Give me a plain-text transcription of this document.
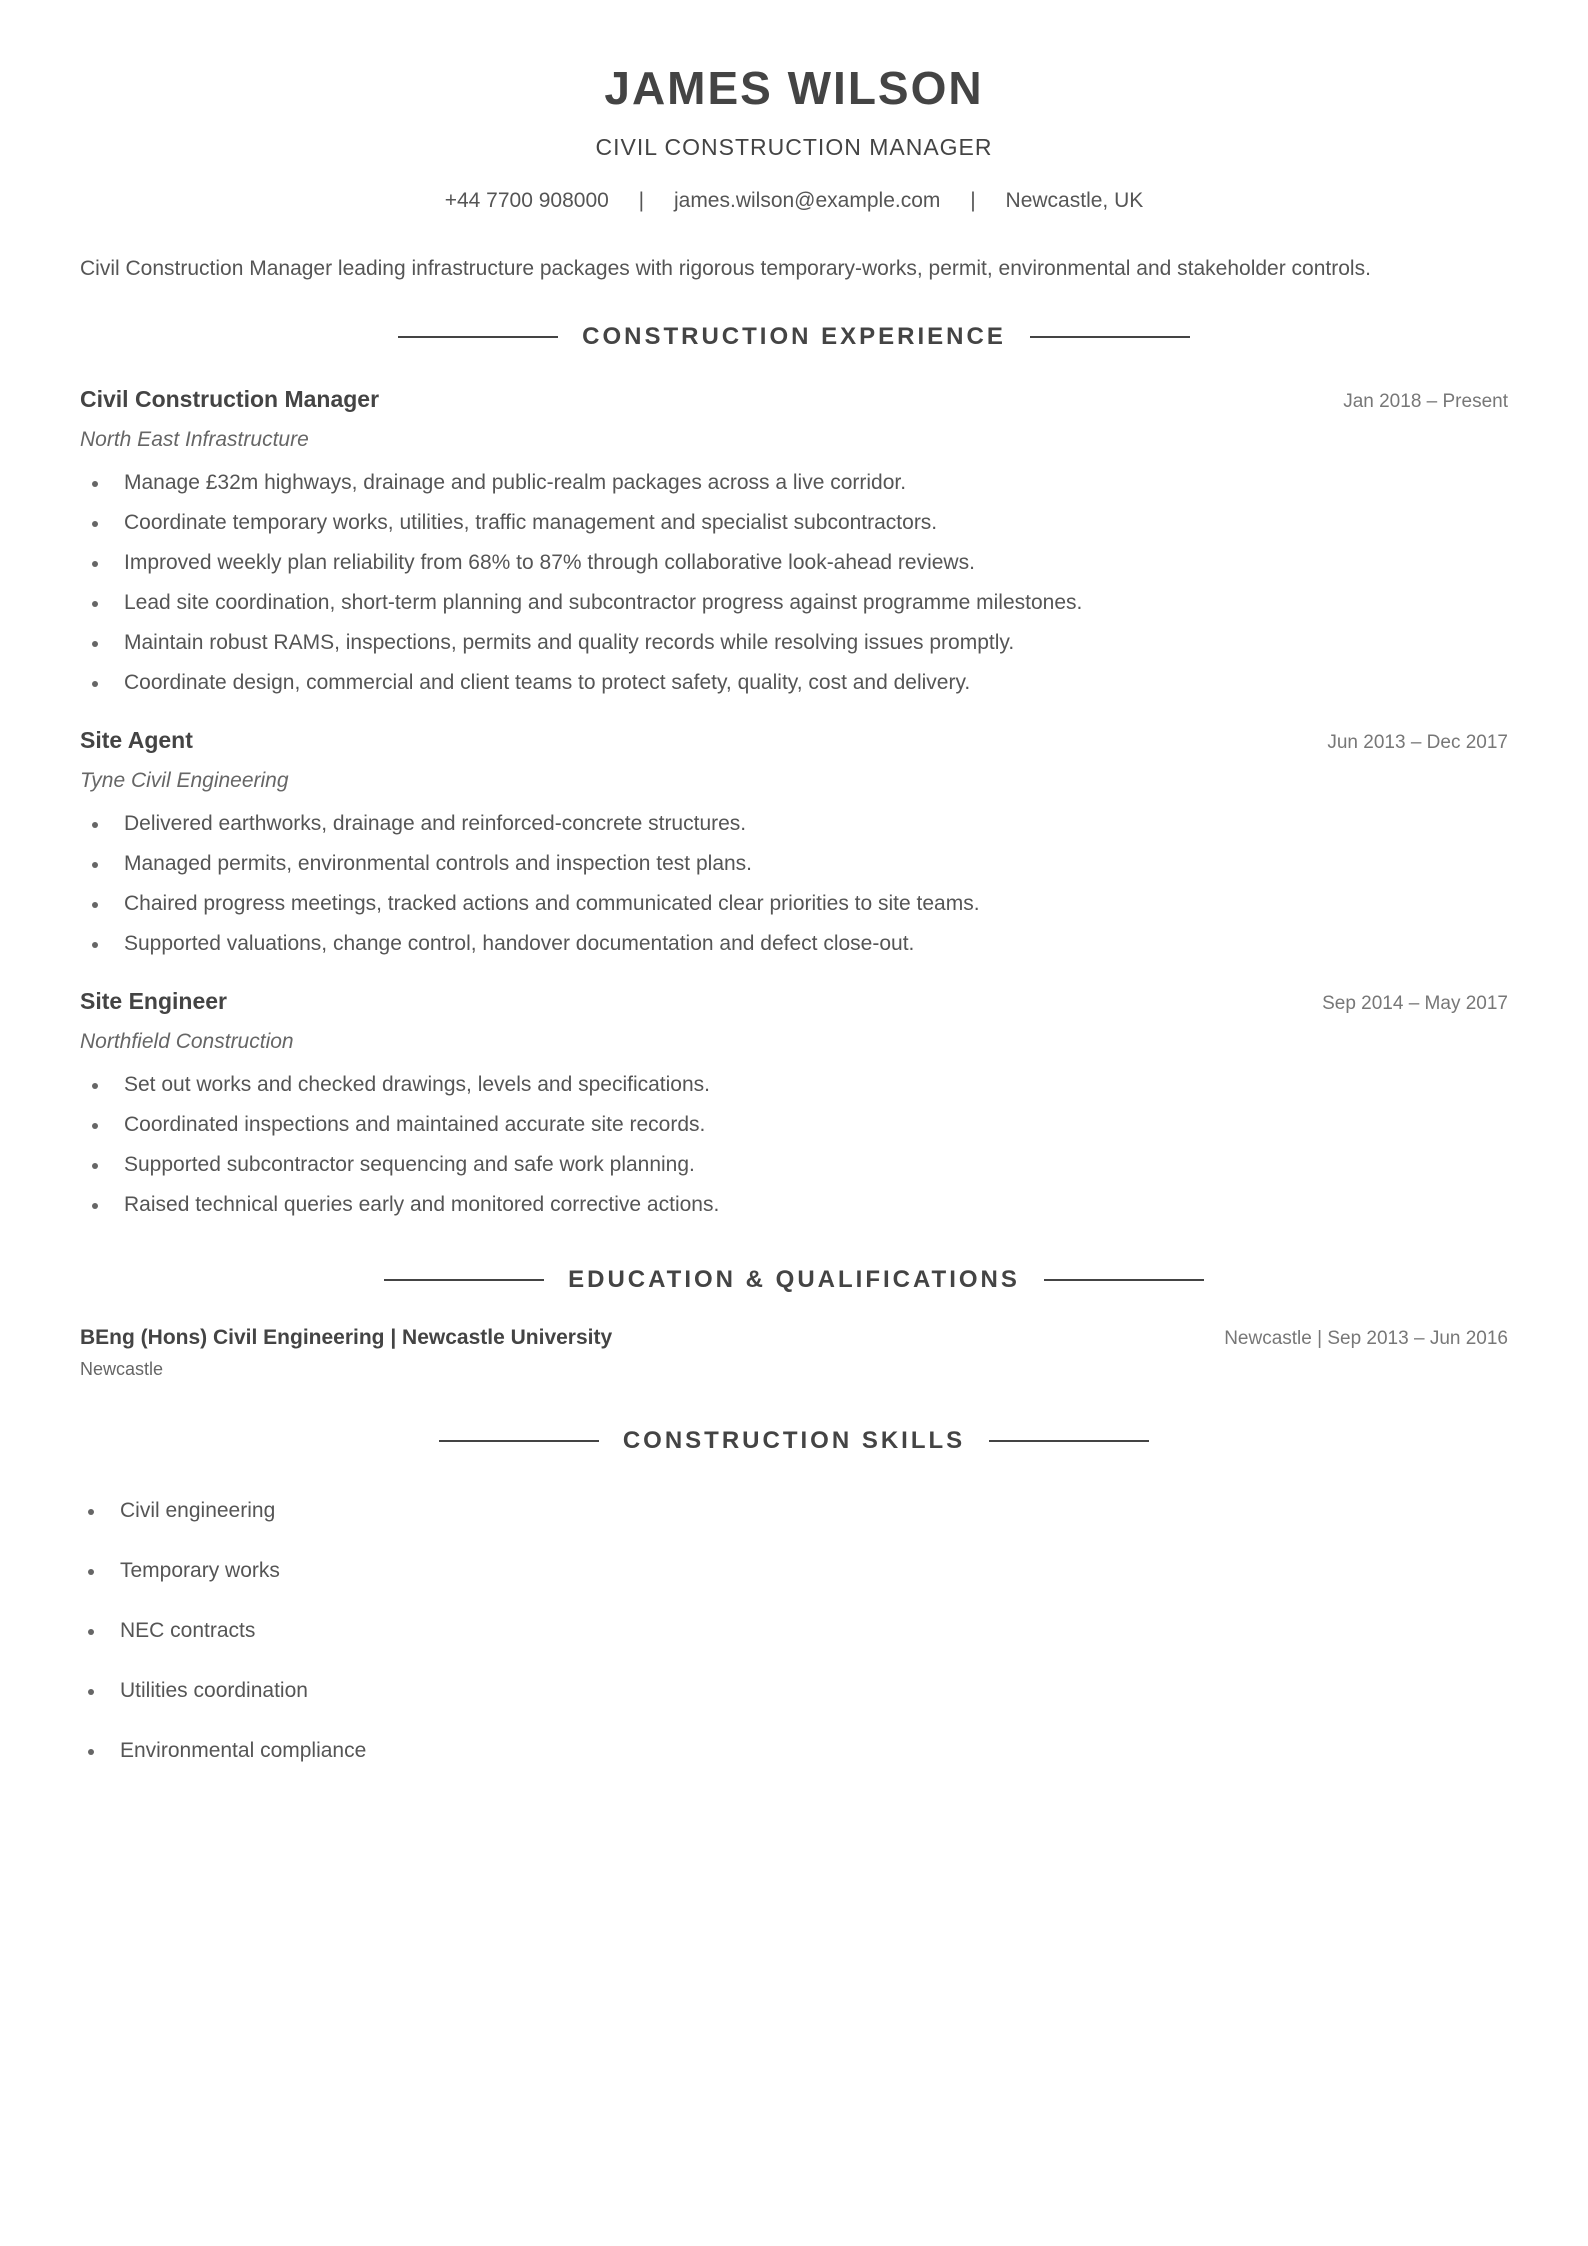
JAMES WILSON
CIVIL CONSTRUCTION MANAGER
+44 7700 908000 | james.wilson@example.com | Newcastle, UK
Civil Construction Manager leading infrastructure packages with rigorous temporary-works, permit, environmental and stakeholder controls.
CONSTRUCTION EXPERIENCE
Civil Construction Manager	Jan 2018 – Present
North East Infrastructure
Manage £32m highways, drainage and public-realm packages across a live corridor.
Coordinate temporary works, utilities, traffic management and specialist subcontractors.
Improved weekly plan reliability from 68% to 87% through collaborative look-ahead reviews.
Lead site coordination, short-term planning and subcontractor progress against programme milestones.
Maintain robust RAMS, inspections, permits and quality records while resolving issues promptly.
Coordinate design, commercial and client teams to protect safety, quality, cost and delivery.
Site Agent	Jun 2013 – Dec 2017
Tyne Civil Engineering
Delivered earthworks, drainage and reinforced-concrete structures.
Managed permits, environmental controls and inspection test plans.
Chaired progress meetings, tracked actions and communicated clear priorities to site teams.
Supported valuations, change control, handover documentation and defect close-out.
Site Engineer	Sep 2014 – May 2017
Northfield Construction
Set out works and checked drawings, levels and specifications.
Coordinated inspections and maintained accurate site records.
Supported subcontractor sequencing and safe work planning.
Raised technical queries early and monitored corrective actions.
EDUCATION & QUALIFICATIONS
BEng (Hons) Civil Engineering | Newcastle University	Newcastle | Sep 2013 – Jun 2016
Newcastle
CONSTRUCTION SKILLS
Civil engineering
Temporary works
NEC contracts
Utilities coordination
Environmental compliance
